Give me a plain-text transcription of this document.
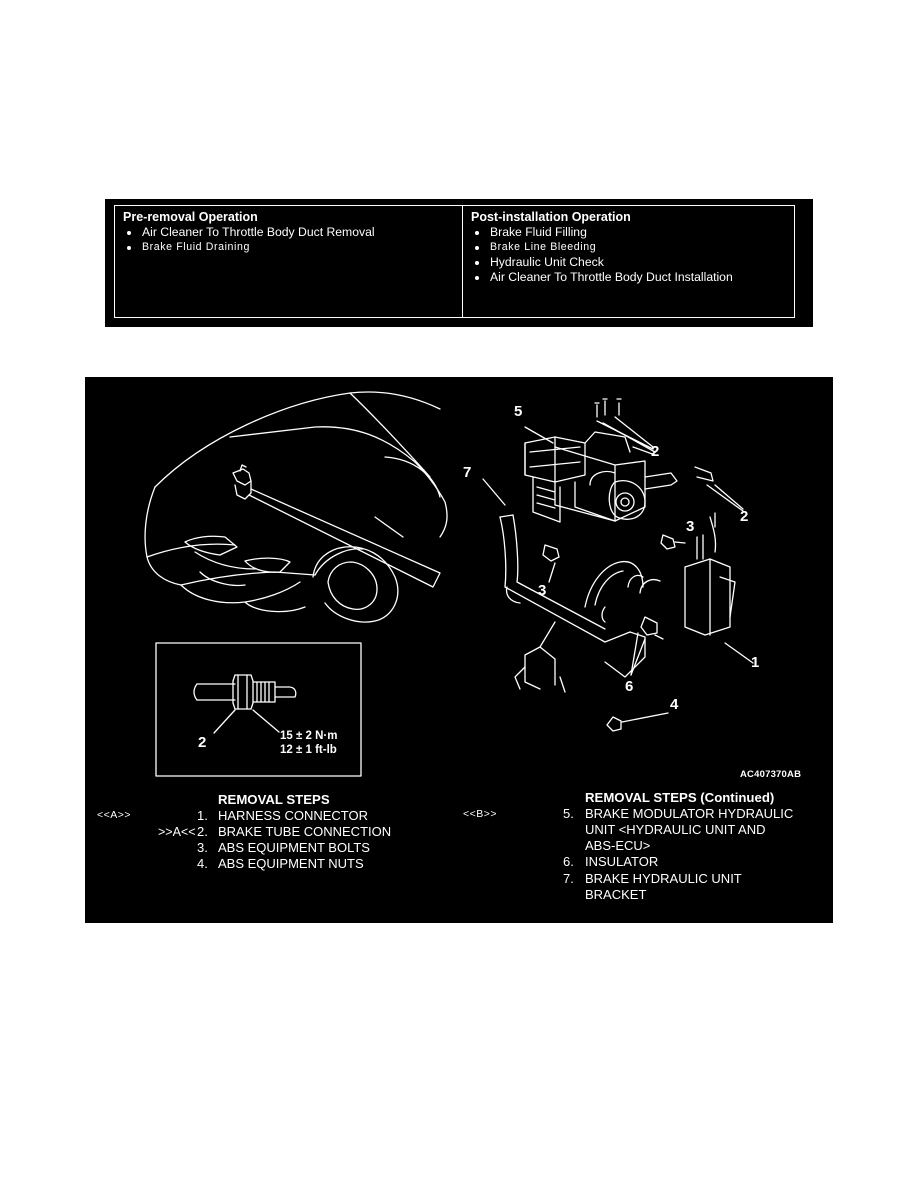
Pre-removal Operation
Air Cleaner To Throttle Body Duct Removal
Brake Fluid Draining
Post-installation Operation
Brake Fluid Filling
Brake Line Bleeding
Hydraulic Unit Check
Air Cleaner To Throttle Body Duct Installation
5
2
7
2
3
3
1
6
4
2	15 ± 2 N·m
12 ± 1 ft-lb
AC407370AB
REMOVAL STEPS
<<A>>
>>A<<
1. HARNESS CONNECTOR
2. BRAKE TUBE CONNECTION
3. ABS EQUIPMENT BOLTS
4. ABS EQUIPMENT NUTS
REMOVAL STEPS (Continued)
<<B>>	5. BRAKE MODULATOR HYDRAULIC
UNIT <HYDRAULIC UNIT AND
ABS-ECU>
6. INSULATOR
7. BRAKE HYDRAULIC UNIT
BRACKET
